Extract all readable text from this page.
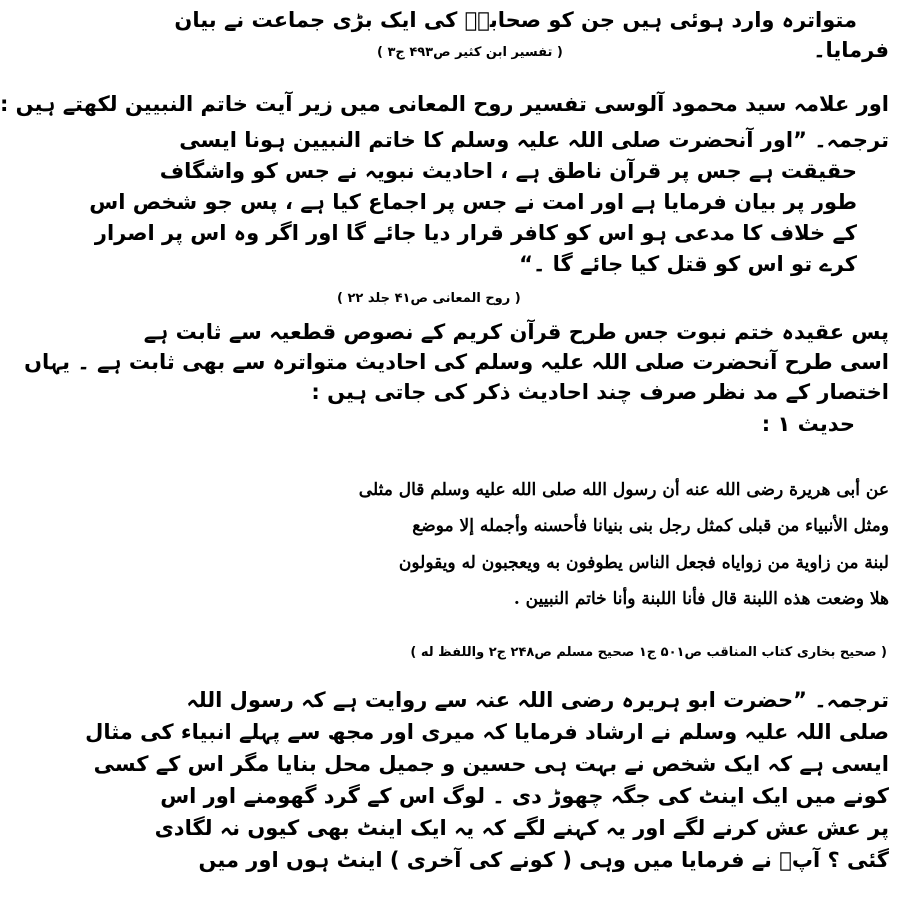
متواترہ وارد ہوئی ہیں جن کو صحابہؓ کی ایک بڑی جماعت نے بیان
فرمایا۔
( تفسیر ابن کثیر ص۴۹۳ ج۳ )
اور علامہ سید محمود آلوسی تفسیر روح المعانی میں زیر آیت خاتم النبیین لکھتے ہیں :
ترجمہ۔ ”اور آنحضرت صلی اللہ علیہ وسلم کا خاتم النبیین ہونا ایسی
حقیقت ہے جس پر قرآن ناطق ہے ، احادیث نبویہ نے جس کو واشگاف
طور پر بیان فرمایا ہے اور امت نے جس پر اجماع کیا ہے ، پس جو شخص اس
کے خلاف کا مدعی ہو اس کو کافر قرار دیا جائے گا اور اگر وہ اس پر اصرار
کرے تو اس کو قتل کیا جائے گا ۔“
( روح المعانی ص۴۱ جلد ۲۲ )
پس عقیدہ ختم نبوت جس طرح قرآن کریم کے نصوص قطعیہ سے ثابت ہے
اسی طرح آنحضرت صلی اللہ علیہ وسلم کی احادیث متواترہ سے بھی ثابت ہے ۔ یہاں
اختصار کے مد نظر صرف چند احادیث ذکر کی جاتی ہیں :
حدیث ۱ :
عن أبی هريرة رضی الله عنه أن رسول الله صلی الله عليه وسلم قال مثلی
ومثل الأنبياء من قبلی كمثل رجل بنى بنيانا فأحسنه وأجمله إلا موضع
لبنة من زاوية من زواياه فجعل الناس يطوفون به ويعجبون له ويقولون
هلا وضعت هذه اللبنة قال فأنا اللبنة وأنا خاتم النبيين .
( صحیح بخاری کتاب المناقب ص۵۰۱ ج۱ صحیح مسلم ص۲۴۸ ج۲ واللفظ له )
ترجمہ۔ ”حضرت ابو ہریرہ رضی اللہ عنہ سے روایت ہے کہ رسول اللہ
صلی اللہ علیہ وسلم نے ارشاد فرمایا کہ میری اور مجھ سے پہلے انبیاء کی مثال
ایسی ہے کہ ایک شخص نے بہت ہی حسین و جمیل محل بنایا مگر اس کے کسی
کونے میں ایک اینٹ کی جگہ چھوڑ دی ۔ لوگ اس کے گرد گھومنے اور اس
پر عش عش کرنے لگے اور یہ کہنے لگے کہ یہ ایک اینٹ بھی کیوں نہ لگادی
گئی ؟ آپؐ نے فرمایا میں وہی ( کونے کی آخری ) اینٹ ہوں اور میں
